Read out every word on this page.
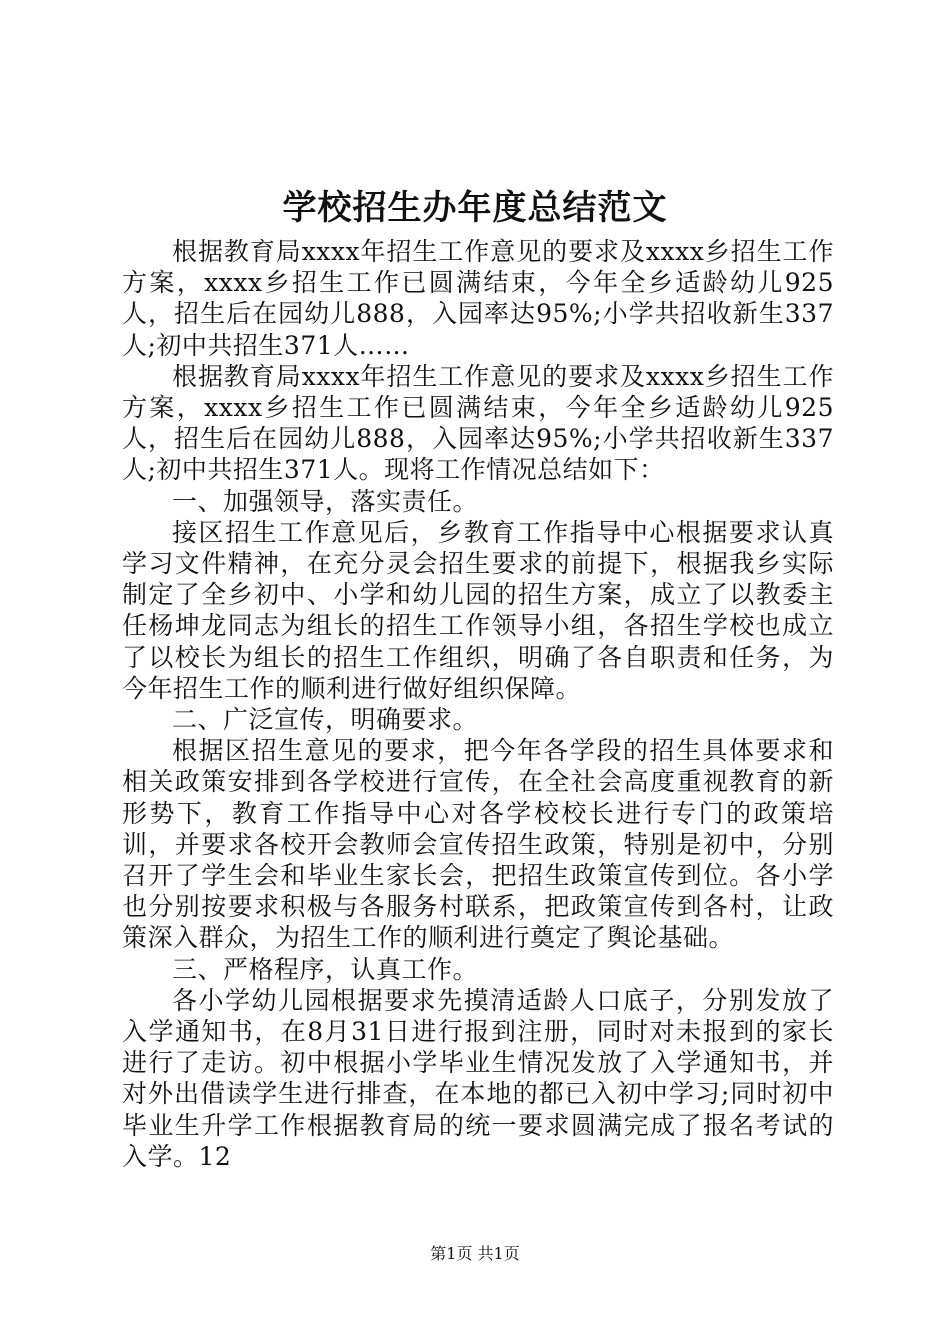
学校招生办年度总结范文

根据教育局xxxx年招生工作意见的要求及xxxx乡招生工作方案，xxxx乡招生工作已圆满结束，今年全乡适龄幼儿925人，招生后在园幼儿888，入园率达95%;小学共招收新生337人;初中共招生371人……

根据教育局xxxx年招生工作意见的要求及xxxx乡招生工作方案，xxxx乡招生工作已圆满结束，今年全乡适龄幼儿925人，招生后在园幼儿888，入园率达95%;小学共招收新生337人;初中共招生371人。现将工作情况总结如下：

一、加强领导，落实责任。

接区招生工作意见后，乡教育工作指导中心根据要求认真学习文件精神，在充分灵会招生要求的前提下，根据我乡实际制定了全乡初中、小学和幼儿园的招生方案，成立了以教委主任杨坤龙同志为组长的招生工作领导小组，各招生学校也成立了以校长为组长的招生工作组织，明确了各自职责和任务，为今年招生工作的顺利进行做好组织保障。

二、广泛宣传，明确要求。

根据区招生意见的要求，把今年各学段的招生具体要求和相关政策安排到各学校进行宣传，在全社会高度重视教育的新形势下，教育工作指导中心对各学校校长进行专门的政策培训，并要求各校开会教师会宣传招生政策，特别是初中，分别召开了学生会和毕业生家长会，把招生政策宣传到位。各小学也分别按要求积极与各服务村联系，把政策宣传到各村，让政策深入群众，为招生工作的顺利进行奠定了舆论基础。

三、严格程序，认真工作。

各小学幼儿园根据要求先摸清适龄人口底子，分别发放了入学通知书，在8月31日进行报到注册，同时对未报到的家长进行了走访。初中根据小学毕业生情况发放了入学通知书，并对外出借读学生进行排查，在本地的都已入初中学习;同时初中毕业生升学工作根据教育局的统一要求圆满完成了报名考试的入学。12

第1页 共1页
